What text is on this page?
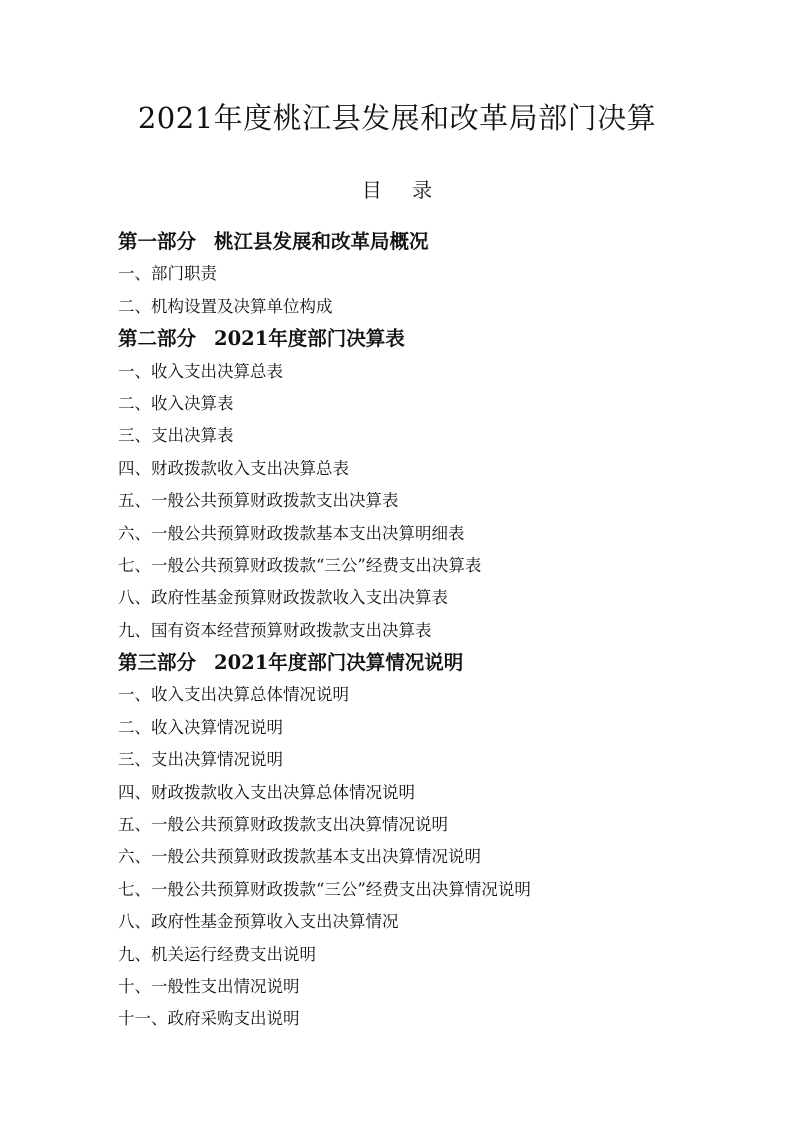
2021年度桃江县发展和改革局部门决算
目 录
第一部分 桃江县发展和改革局概况
一、部门职责
二、机构设置及决算单位构成
第二部分 2021年度部门决算表
一、收入支出决算总表
二、收入决算表
三、支出决算表
四、财政拨款收入支出决算总表
五、一般公共预算财政拨款支出决算表
六、一般公共预算财政拨款基本支出决算明细表
七、一般公共预算财政拨款“三公”经费支出决算表
八、政府性基金预算财政拨款收入支出决算表
九、国有资本经营预算财政拨款支出决算表
第三部分 2021年度部门决算情况说明
一、收入支出决算总体情况说明
二、收入决算情况说明
三、支出决算情况说明
四、财政拨款收入支出决算总体情况说明
五、一般公共预算财政拨款支出决算情况说明
六、一般公共预算财政拨款基本支出决算情况说明
七、一般公共预算财政拨款“三公”经费支出决算情况说明
八、政府性基金预算收入支出决算情况
九、机关运行经费支出说明
十、一般性支出情况说明
十一、政府采购支出说明
